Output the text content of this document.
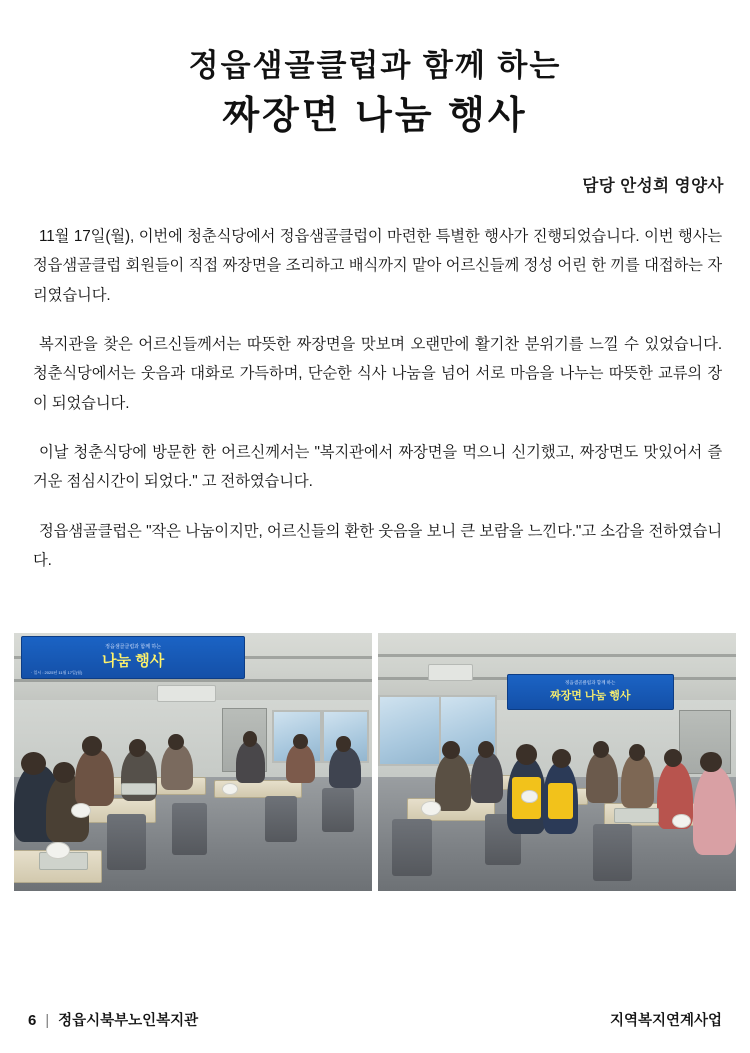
정읍샘골클럽과 함께 하는
짜장면 나눔 행사
담당 안성희 영양사

11월 17일(월), 이번에 청춘식당에서 정읍샘골클럽이 마련한 특별한 행사가 진행되었습니다. 이번 행사는 정읍샘골클럽 회원들이 직접 짜장면을 조리하고 배식까지 맡아 어르신들께 정성 어린 한 끼를 대접하는 자리였습니다.

복지관을 찾은 어르신들께서는 따뜻한 짜장면을 맛보며 오랜만에 활기찬 분위기를 느낄 수 있었습니다. 청춘식당에서는 웃음과 대화로 가득하며, 단순한 식사 나눔을 넘어 서로 마음을 나누는 따뜻한 교류의 장이 되었습니다.

이날 청춘식당에 방문한 한 어르신께서는 "복지관에서 짜장면을 먹으니 신기했고, 짜장면도 맛있어서 즐거운 점심시간이 되었다." 고 전하였습니다.

정읍샘골클럽은 "작은 나눔이지만, 어르신들의 환한 웃음을 보니 큰 보람을 느낀다."고 소감을 전하였습니다.

정읍샘골클럽과 함께 하는
나눔 행사
· 일시 : 2025년 11월 17일(월)
정읍샘골클럽과 함께 하는
짜장면 나눔 행사
6 | 정읍시북부노인복지관	지역복지연계사업
